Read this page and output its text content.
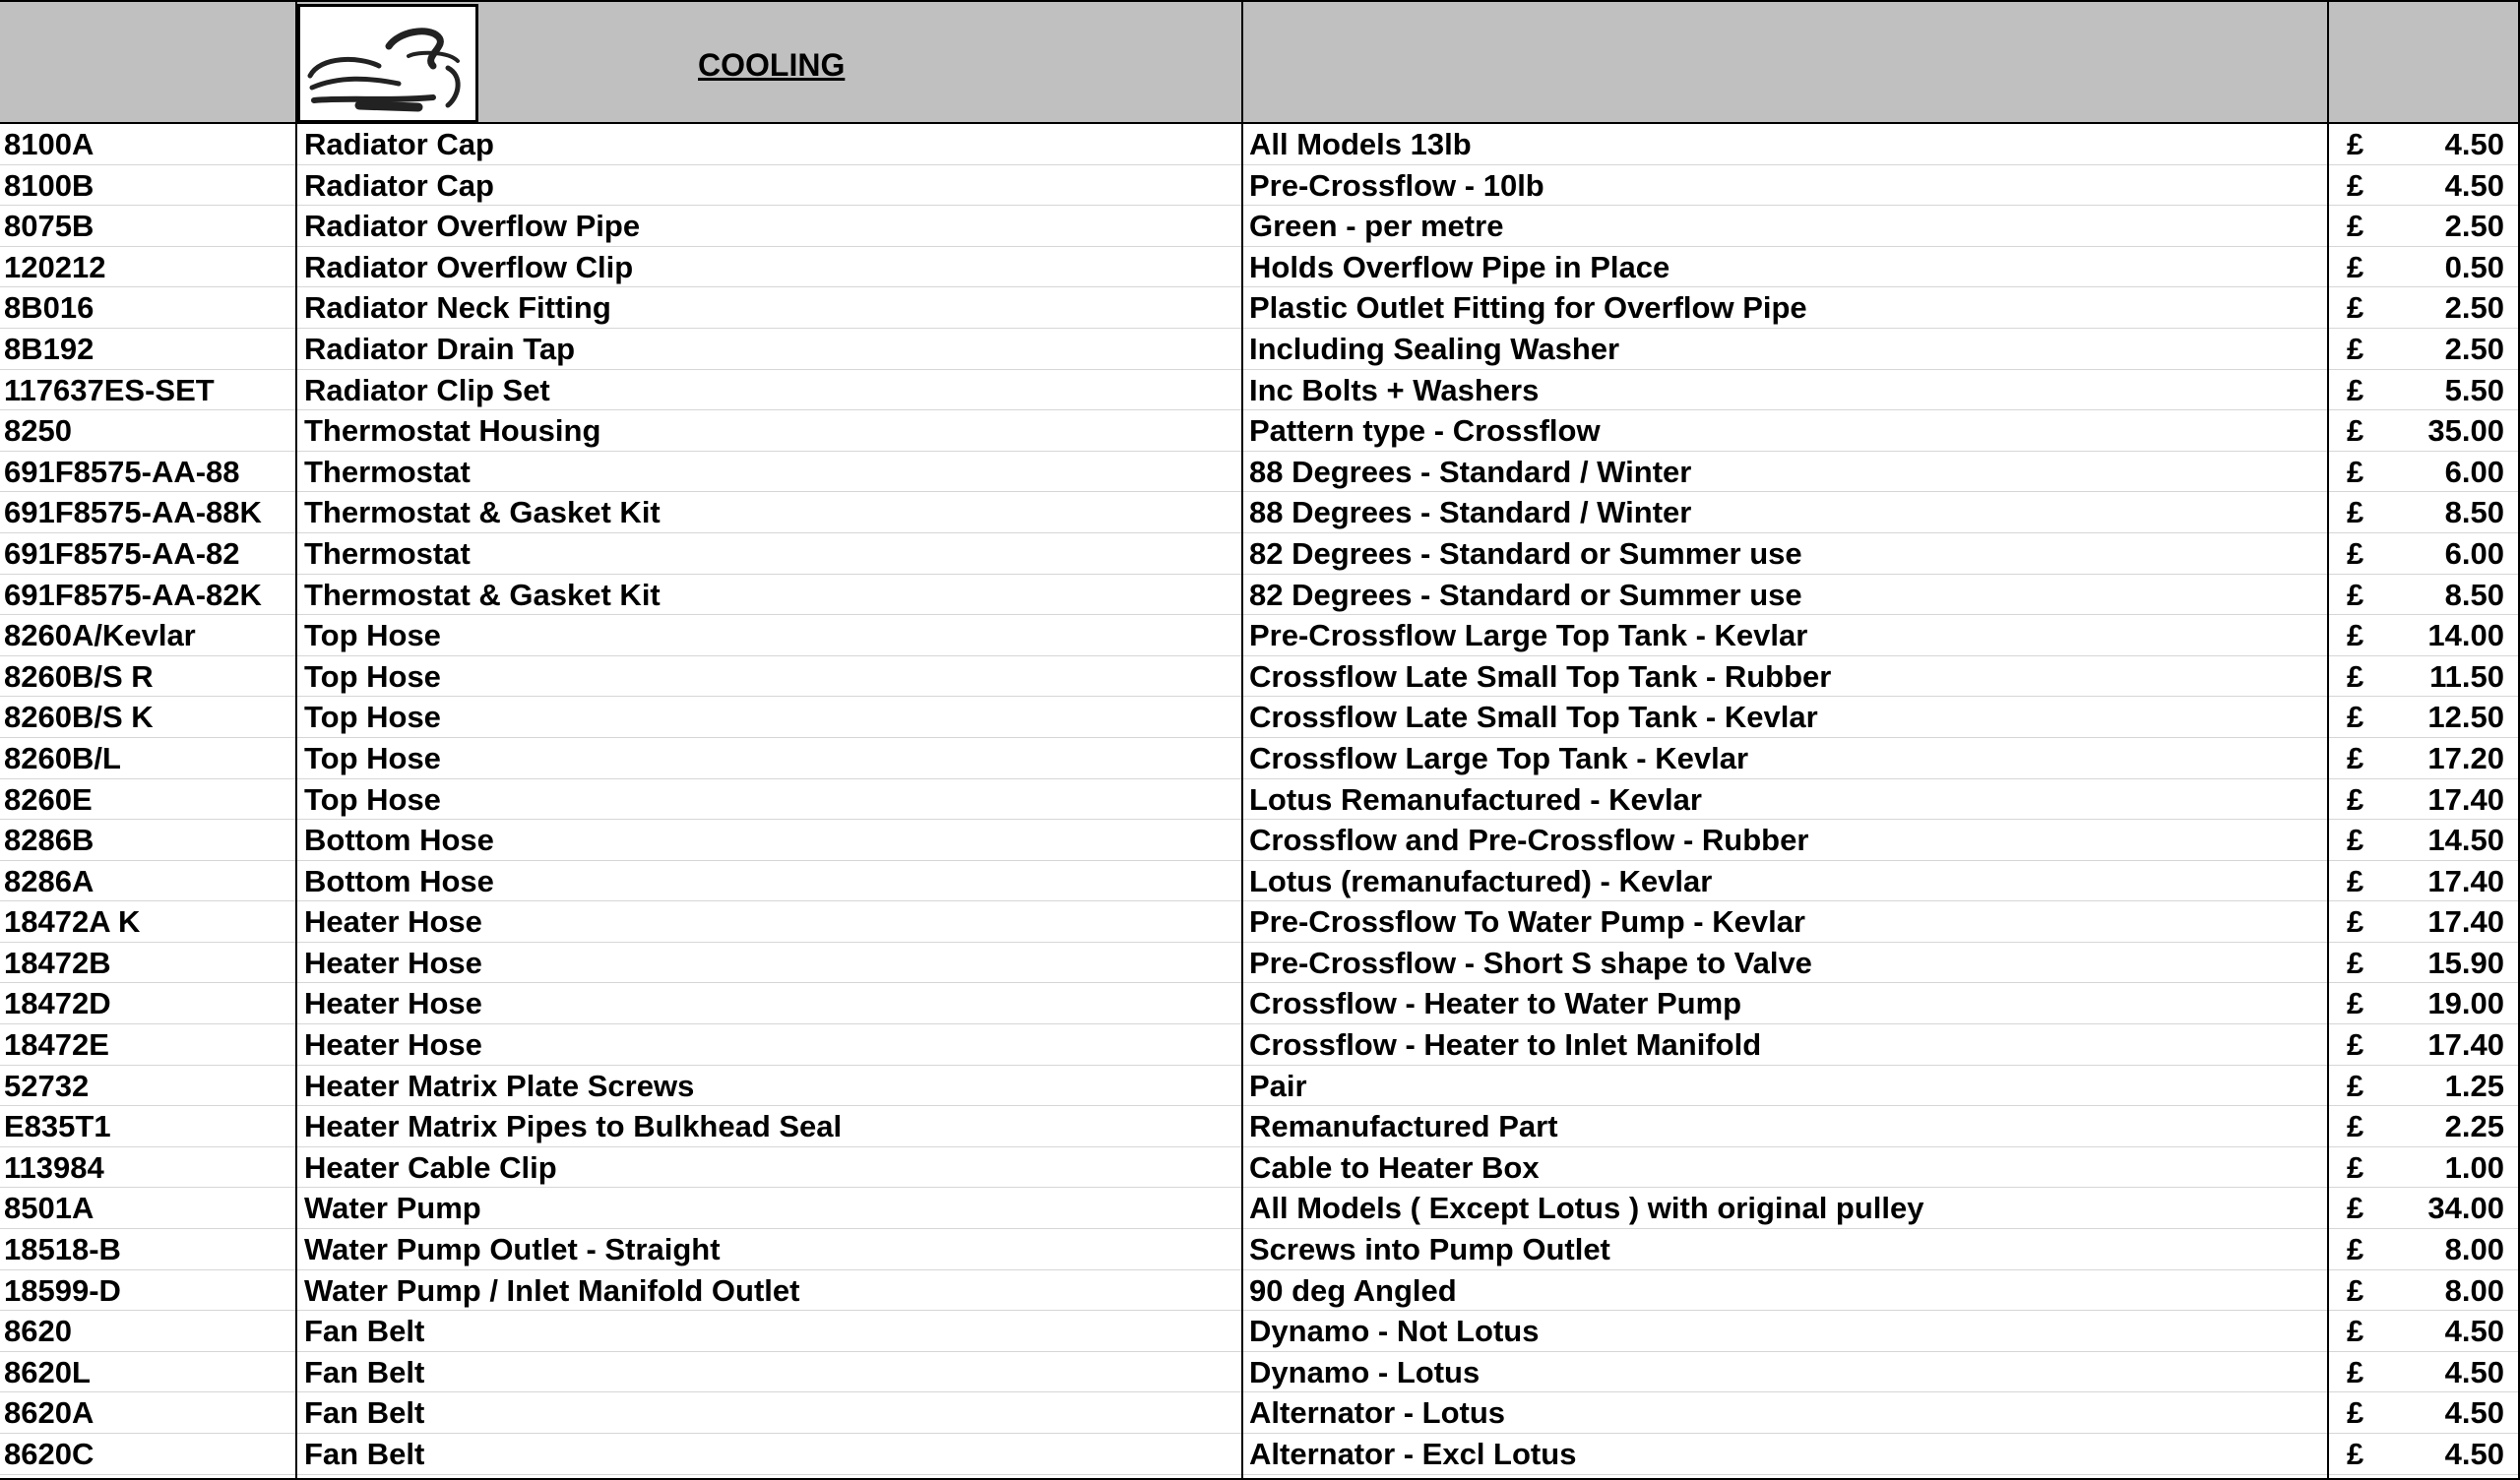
COOLING
8100A	Radiator Cap	All Models 13lb	£	4.50
8100B	Radiator Cap	Pre-Crossflow - 10lb	£	4.50
8075B	Radiator Overflow Pipe	Green - per metre	£	2.50
120212	Radiator Overflow Clip	Holds Overflow Pipe in Place	£	0.50
8B016	Radiator Neck Fitting	Plastic Outlet Fitting for Overflow Pipe	£	2.50
8B192	Radiator Drain Tap	Including Sealing Washer	£	2.50
117637ES-SET	Radiator Clip Set	Inc Bolts + Washers	£	5.50
8250	Thermostat Housing	Pattern type - Crossflow	£	35.00
691F8575-AA-88	Thermostat	88 Degrees - Standard / Winter	£	6.00
691F8575-AA-88K	Thermostat & Gasket Kit	88 Degrees - Standard / Winter	£	8.50
691F8575-AA-82	Thermostat	82 Degrees - Standard or Summer use	£	6.00
691F8575-AA-82K	Thermostat & Gasket Kit	82 Degrees - Standard or Summer use	£	8.50
8260A/Kevlar	Top Hose	Pre-Crossflow Large Top Tank - Kevlar	£	14.00
8260B/S R	Top Hose	Crossflow Late Small Top Tank - Rubber	£	11.50
8260B/S K	Top Hose	Crossflow Late Small Top Tank - Kevlar	£	12.50
8260B/L	Top Hose	Crossflow Large Top Tank - Kevlar	£	17.20
8260E	Top Hose	Lotus Remanufactured - Kevlar	£	17.40
8286B	Bottom Hose	Crossflow and Pre-Crossflow - Rubber	£	14.50
8286A	Bottom Hose	Lotus (remanufactured) - Kevlar	£	17.40
18472A K	Heater Hose	Pre-Crossflow To Water Pump - Kevlar	£	17.40
18472B	Heater Hose	Pre-Crossflow - Short S shape to Valve	£	15.90
18472D	Heater Hose	Crossflow - Heater to Water Pump	£	19.00
18472E	Heater Hose	Crossflow - Heater to Inlet Manifold	£	17.40
52732	Heater Matrix Plate Screws	Pair	£	1.25
E835T1	Heater Matrix Pipes to Bulkhead Seal	Remanufactured Part	£	2.25
113984	Heater Cable Clip	Cable to Heater Box	£	1.00
8501A	Water Pump	All Models ( Except Lotus ) with original pulley	£	34.00
18518-B	Water Pump Outlet - Straight	Screws into Pump Outlet	£	8.00
18599-D	Water Pump / Inlet Manifold Outlet	90 deg Angled	£	8.00
8620	Fan Belt	Dynamo - Not Lotus	£	4.50
8620L	Fan Belt	Dynamo - Lotus	£	4.50
8620A	Fan Belt	Alternator - Lotus	£	4.50
8620C	Fan Belt	Alternator - Excl Lotus	£	4.50
